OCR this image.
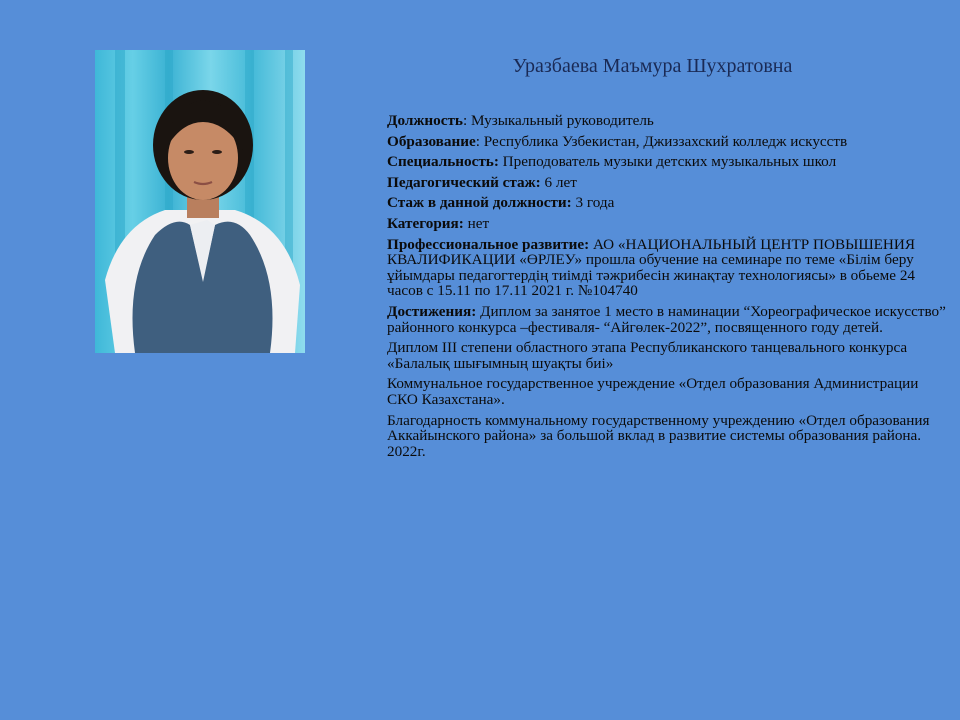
Уразбаева Маъмура Шухратовна

Должность: Музыкальный руководитель

Образование: Республика Узбекистан, Джиззахский колледж искусств

Специальность: Преподователь музыки детских музыкальных школ

Педагогический стаж: 6 лет

Стаж в данной должности: 3 года

Категория: нет

Профессиональное развитие: АО «НАЦИОНАЛЬНЫЙ ЦЕНТР ПОВЫШЕНИЯ КВАЛИФИКАЦИИ «ӨРЛЕУ» прошла обучение на семинаре по теме «Білім беру ұйымдары педагогтердің тиімді тәжрибесін жинақтау технологиясы» в обьеме 24 часов с 15.11 по 17.11 2021 г. №104740

Достижения: Диплом за занятое 1 место в наминации “Хореографическое искусство” районного конкурса –фестиваля- “Айгөлек-2022”, посвященного году детей.

Диплом III степени областного этапа Республиканского танцевального конкурса «Балалық шығымның шуақты биі»

Коммунальное государственное учреждение «Отдел образования Администрации СКО Казахстана».

Благодарность коммунальному государственному учреждению «Отдел образования Аккайынского района» за большой вклад в развитие системы образования района. 2022г.
